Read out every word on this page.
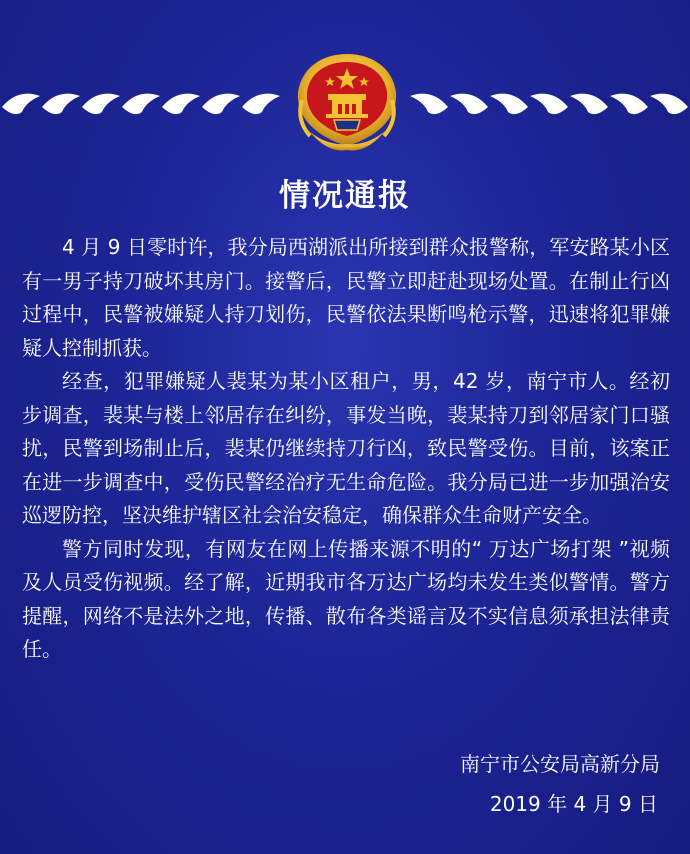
情况通报

4 月 9 日零时许，我分局西湖派出所接到群众报警称，军安路某小区有一男子持刀破坏其房门。接警后，民警立即赶赴现场处置。在制止行凶过程中，民警被嫌疑人持刀划伤，民警依法果断鸣枪示警，迅速将犯罪嫌疑人控制抓获。

经查，犯罪嫌疑人裴某为某小区租户，男，42 岁，南宁市人。经初步调查，裴某与楼上邻居存在纠纷，事发当晚，裴某持刀到邻居家门口骚扰，民警到场制止后，裴某仍继续持刀行凶，致民警受伤。目前，该案正在进一步调查中，受伤民警经治疗无生命危险。我分局已进一步加强治安巡逻防控，坚决维护辖区社会治安稳定，确保群众生命财产安全。

警方同时发现，有网友在网上传播来源不明的“ 万达广场打架 ”视频及人员受伤视频。经了解，近期我市各万达广场均未发生类似警情。警方提醒，网络不是法外之地，传播、散布各类谣言及不实信息须承担法律责任。

南宁市公安局高新分局
2019 年 4 月 9 日
